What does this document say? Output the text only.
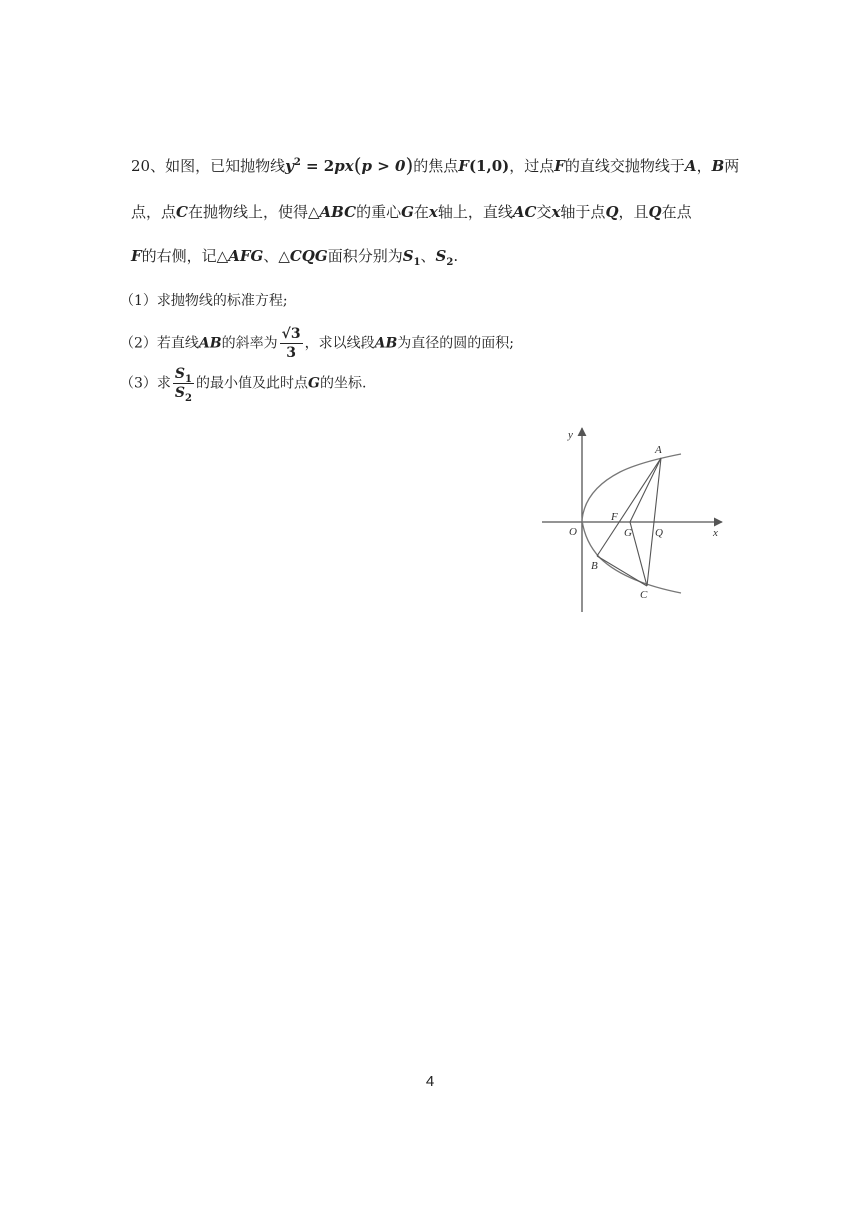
20、如图，已知抛物线$y^2 = 2px(p > 0)$的焦点F(1,0)，过点F的直线交抛物线于A，B两
点，点C在抛物线上，使得△ABC的重心G在x轴上，直线AC交x轴于点Q，且Q在点
F的右侧，记△AFG、△CQG面积分别为$S_1$、$S_2$.
（1）求抛物线的标准方程;
（2）若直线AB的斜率为 $\frac{√3}{3}$ ，求以线段AB为直径的圆的面积;
（3）求 $\frac{S_1}{S_2}$ 的最小值及此时点G的坐标.
y
x
O
F
G Q
A
B
C
4
